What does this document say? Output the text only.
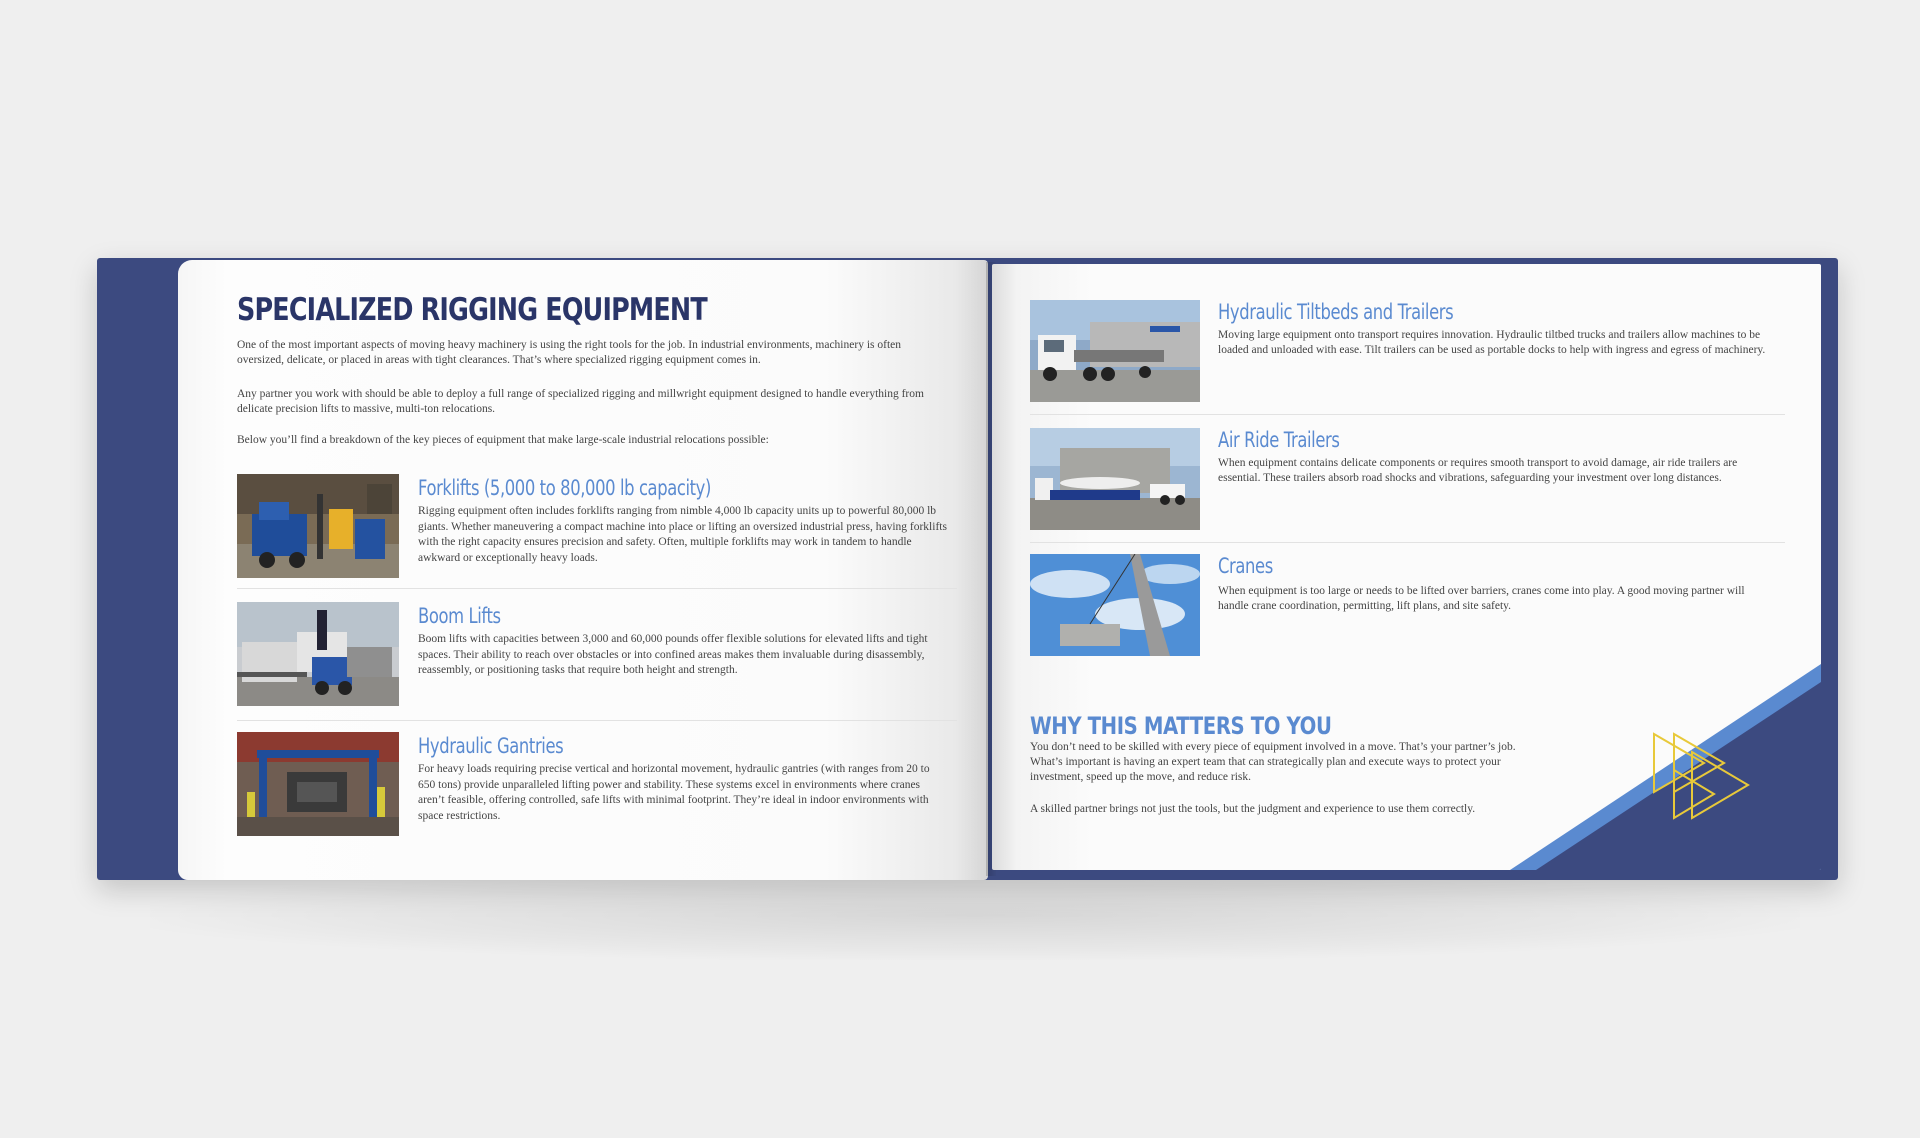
SPECIALIZED RIGGING EQUIPMENT
One of the most important aspects of moving heavy machinery is using the right tools for the job. In industrial environments, machinery is often oversized, delicate, or placed in areas with tight clearances. That’s where specialized rigging equipment comes in.
Any partner you work with should be able to deploy a full range of specialized rigging and millwright equipment designed to handle everything from delicate precision lifts to massive, multi-ton relocations.
Below you’ll find a breakdown of the key pieces of equipment that make large-scale industrial relocations possible:
Forklifts (5,000 to 80,000 lb capacity)
Rigging equipment often includes forklifts ranging from nimble 4,000 lb capacity units up to powerful 80,000 lb giants. Whether maneuvering a compact machine into place or lifting an oversized industrial press, having forklifts with the right capacity ensures precision and safety. Often, multiple forklifts may work in tandem to handle awkward or exceptionally heavy loads.
Boom Lifts
Boom lifts with capacities between 3,000 and 60,000 pounds offer flexible solutions for elevated lifts and tight spaces. Their ability to reach over obstacles or into confined areas makes them invaluable during disassembly, reassembly, or positioning tasks that require both height and strength.
Hydraulic Gantries
For heavy loads requiring precise vertical and horizontal movement, hydraulic gantries (with ranges from 20 to 650 tons) provide unparalleled lifting power and stability. These systems excel in environments where cranes aren’t feasible, offering controlled, safe lifts with minimal footprint. They’re ideal in indoor environments with space restrictions.
Hydraulic Tiltbeds and Trailers
Moving large equipment onto transport requires innovation. Hydraulic tiltbed trucks and trailers allow machines to be loaded and unloaded with ease. Tilt trailers can be used as portable docks to help with ingress and egress of machinery.
Air Ride Trailers
When equipment contains delicate components or requires smooth transport to avoid damage, air ride trailers are essential. These trailers absorb road shocks and vibrations, safeguarding your investment over long distances.
Cranes
When equipment is too large or needs to be lifted over barriers, cranes come into play. A good moving partner will handle crane coordination, permitting, lift plans, and site safety.
WHY THIS MATTERS TO YOU
You don’t need to be skilled with every piece of equipment involved in a move. That’s your partner’s job. What’s important is having an expert team that can strategically plan and execute ways to protect your investment, speed up the move, and reduce risk.
A skilled partner brings not just the tools, but the judgment and experience to use them correctly.
